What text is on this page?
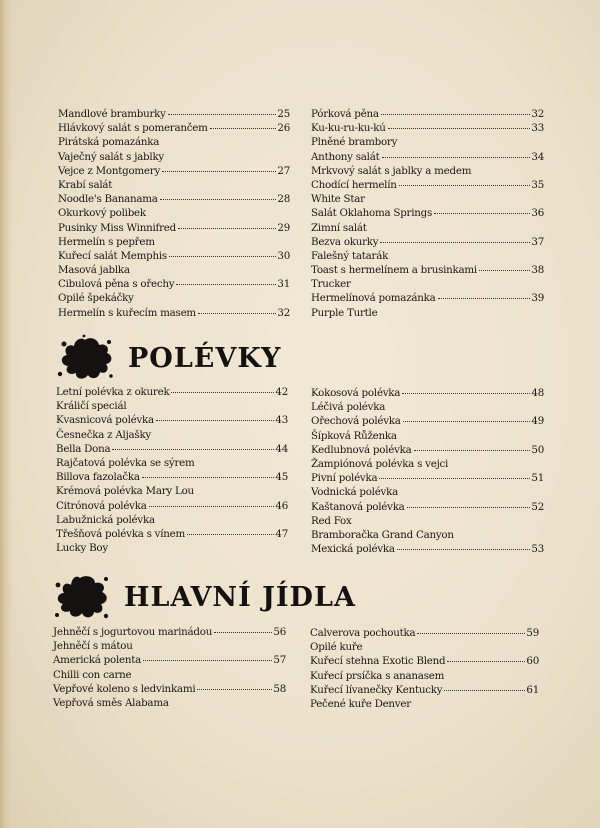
Mandlové bramburky	25
Hlávkový salát s pomerančem	26
Pirátská pomazánka
Vaječný salát s jablky
Vejce z Montgomery	27
Krabí salát
Noodle's Bananama	28
Okurkový polibek
Pusinky Miss Winnifred	29
Hermelín s pepřem
Kuřecí salát Memphis	30
Masová jablka
Cibulová pěna s ořechy	31
Opilé špekáčky
Hermelín s kuřecím masem	32
Pórková pěna	32
Ku-ku-ru-ku-kú	33
Plněné brambory
Anthony salát	34
Mrkvový salát s jablky a medem
Chodící hermelín	35
White Star
Salát Oklahoma Springs	36
Zimní salát
Bezva okurky	37
Falešný tatarák
Toast s hermelínem a brusinkami	38
Trucker
Hermelínová pomazánka	39
Purple Turtle
POLÉVKY
Letní polévka z okurek	42
Králičí speciál
Kvasnicová polévka	43
Česnečka z Aljašky
Bella Dona	44
Rajčatová polévka se sýrem
Billova fazolačka	45
Krémová polévka Mary Lou
Citrónová polévka	46
Labužnická polévka
Třešňová polévka s vínem	47
Lucky Boy
Kokosová polévka	48
Léčivá polévka
Ořechová polévka	49
Šípková Růženka
Kedlubnová polévka	50
Žampiónová polévka s vejci
Pivní polévka	51
Vodnická polévka
Kaštanová polévka	52
Red Fox
Bramboračka Grand Canyon
Mexická polévka	53
HLAVNÍ JÍDLA
Jehněčí s jogurtovou marinádou	56
Jehněčí s mátou
Americká polenta	57
Chilli con carne
Vepřové koleno s ledvinkami	58
Vepřová směs Alabama
Calverova pochoutka	59
Opilé kuře
Kuřecí stehna Exotic Blend	60
Kuřecí prsíčka s ananasem
Kuřecí lívanečky Kentucky	61
Pečené kuře Denver
